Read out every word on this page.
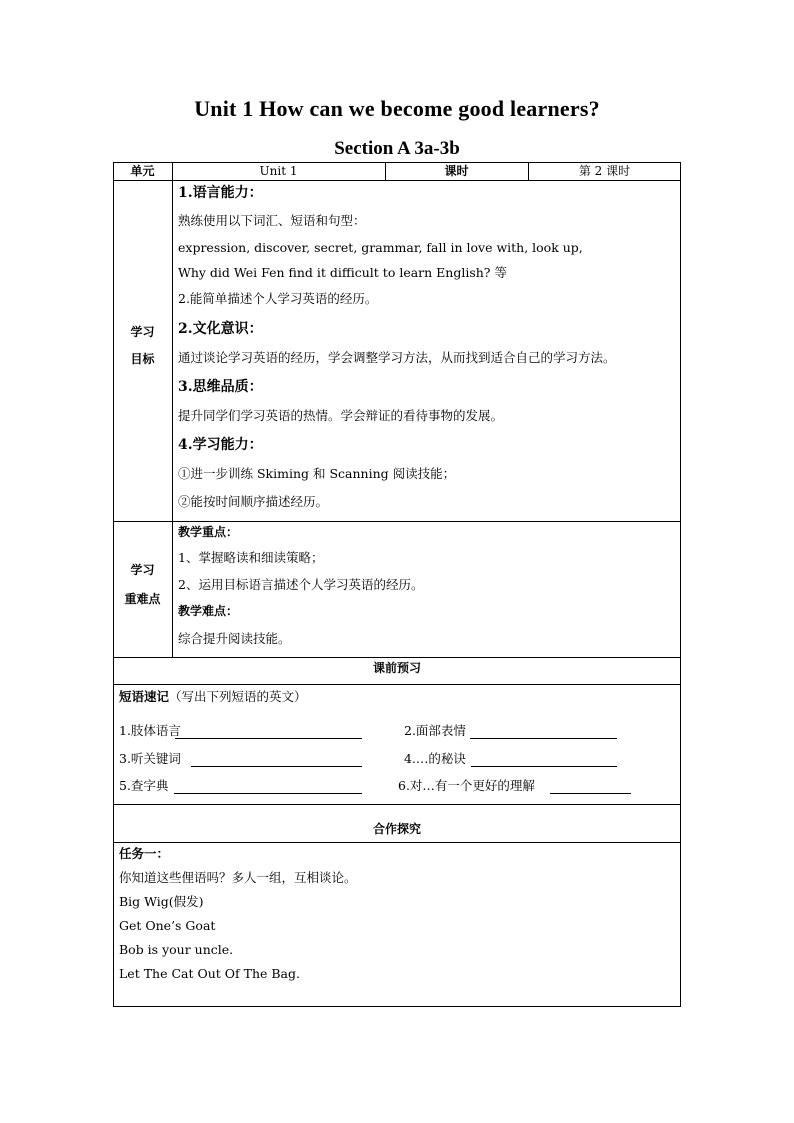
Unit 1 How can we become good learners?
Section A 3a-3b
单元	Unit 1	课时	第 2 课时
学习
目标
1.语言能力：
熟练使用以下词汇、短语和句型：
expression, discover, secret, grammar, fall in love with, look up,
Why did Wei Fen find it difficult to learn English? 等
2.能简单描述个人学习英语的经历。
2.文化意识：
通过谈论学习英语的经历，学会调整学习方法，从而找到适合自己的学习方法。
3.思维品质：
提升同学们学习英语的热情。学会辩证的看待事物的发展。
4.学习能力：
①进一步训练 Skiming 和 Scanning 阅读技能；
②能按时间顺序描述经历。
学习
重难点
教学重点：
1、掌握略读和细读策略；
2、运用目标语言描述个人学习英语的经历。
教学难点：
综合提升阅读技能。
课前预习
短语速记（写出下列短语的英文）
1.肢体语言	2.面部表情
3.听关键词	4.…的秘诀
5.查字典	6.对…有一个更好的理解
合作探究
任务一：
你知道这些俚语吗？多人一组，互相谈论。
Big Wig(假发)
Get One’s Goat
Bob is your uncle.
Let The Cat Out Of The Bag.
